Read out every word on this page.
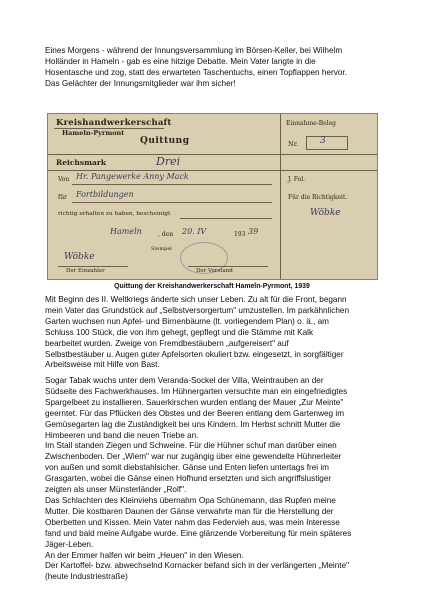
Eines Morgens - während der Innungsversammlung im Börsen-Keller, bei Wilhelm
Holländer in Hameln - gab es eine hitzige Debatte. Mein Vater langte in die
Hosentasche und zog, statt des erwarteten Taschentuchs, einen Topflappen hervor.
Das Gelächter der Innungsmitglieder war ihm sicher!

Kreishandwerkerschaft
Hameln-Pyrmont
Quittung
Einnahme-Beleg
Nr. 3
Reichsmark	Drei
Von Hr. Pangewerke Anny Mack
für Fortbildungen
richtig erhalten zu haben, bescheinigt
Hameln	, den 20. IV	193 39
Stempel
Wöbke
Der Einzahler	Der Vorstand
J. Fol.
Für die Richtigkeit.
Wöbke

Quittung der Kreishandwerkerschaft Hameln-Pyrmont, 1939

Mit Beginn des II. Weltkriegs änderte sich unser Leben. Zu alt für die Front, begann
mein Vater das Grundstück auf „Selbstversorgertum" umzustellen. Im parkähnlichen
Garten wuchsen nun Apfel- und Birnenbäume (lt. vorliegendem Plan) o. ä., am
Schluss 100 Stück, die von ihm gehegt, gepflegt und die Stämme mit Kalk
bearbeitet wurden. Zweige von Fremdbestäubern „aufgereisert" auf
Selbstbestäuber u. Augen guter Apfelsorten okuliert bzw. eingesetzt, in sorgfältiger
Arbeitsweise mit Hilfe von Bast.

Sogar Tabak wuchs unter dem Veranda-Sockel der Villa, Weintrauben an der
Südseite des Fachwerkhauses. Im Hühnergarten versuchte man ein eingefriedigtes
Spargelbeet zu installieren. Sauerkirschen wurden entlang der Mauer „Zur Meinte"
geerntet. Für das Pflücken des Obstes und der Beeren entlang dem Gartenweg im
Gemüsegarten lag die Zuständigkeit bei uns Kindern. Im Herbst schnitt Mutter die
Himbeeren und band die neuen Triebe an.
Im Stall standen Ziegen und Schweine. Für die Hühner schuf man darüber einen
Zwischenboden. Der „Wiem" war nur zugängig über eine gewendelte Hühnerleiter
von außen und somit diebstahlsicher. Gänse und Enten liefen untertags frei im
Grasgarten, wobei die Gänse einen Hofhund ersetzten und sich angriffslustiger
zeigten als unser Münsterländer „Rolf".
Das Schlachten des Kleinviehs übernahm Opa Schünemann, das Rupfen meine
Mutter. Die kostbaren Daunen der Gänse verwahrte man für die Herstellung der
Oberbetten und Kissen. Mein Vater nahm das Federvieh aus, was mein Interesse
fand und bald meine Aufgabe wurde. Eine glänzende Vorbereitung für mein späteres
Jäger-Leben.
An der Emmer halfen wir beim „Heuen" in den Wiesen.
Der Kartoffel- bzw. abwechselnd Kornacker befand sich in der verlängerten „Meinte"
(heute Industriestraße)
